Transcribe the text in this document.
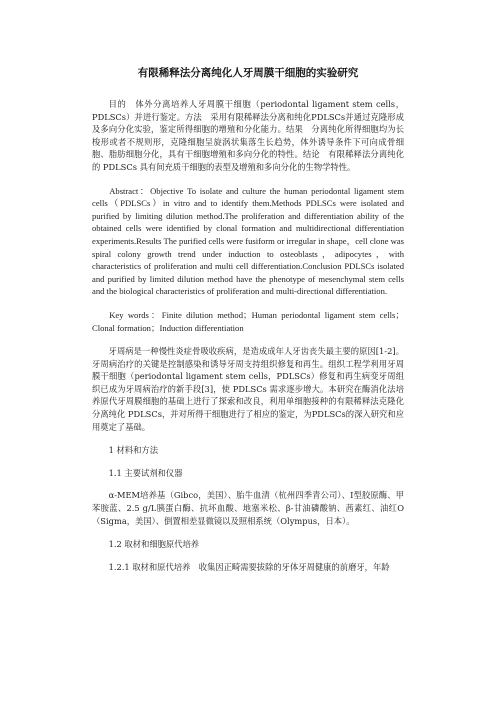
有限稀释法分离纯化人牙周膜干细胞的实验研究

目的　体外分离培养人牙周膜干细胞（periodontal ligament stem cells，PDLSCs）并进行鉴定。方法　采用有限稀释法分离和纯化PDLSCs并通过克隆形成及多向分化实验，鉴定所得细胞的增殖和分化能力。结果　分离纯化所得细胞均为长梭形或者不规则形，克隆细胞呈旋涡状集落生长趋势，体外诱导条件下可向成骨细胞、脂肪细胞分化，具有干细胞增殖和多向分化的特性。结论　有限稀释法分离纯化的 PDLSCs 具有间充质干细胞的表型及增殖和多向分化的生物学特性。

Abstract：Objective To isolate and culture the human periodontal ligament stem cells（PDLSCs）in vitro and to identify them.Methods PDLSCs were isolated and purified by limiting dilution method.The proliferation and differentiation ability of the obtained cells were identified by clonal formation and multidirectional differentiation experiments.Results The purified cells were fusiform or irregular in shape，cell clone was spiral colony growth trend under induction to osteoblasts，adipocytes，with characteristics of proliferation and multi cell differentiation.Conclusion PDLSCs isolated and purified by limited dilution method have the phenotype of mesenchymal stem cells and the biological characteristics of proliferation and multi-directional differentiation.

Key words：Finite dilution method；Human periodontal ligament stem cells；Clonal formation；Induction differentiation

牙周病是一种慢性炎症骨吸收疾病，是造成成年人牙齿丧失最主要的原因[1-2]。牙周病治疗的关键是控制感染和诱导牙周支持组织修复和再生。组织工程学利用牙周膜干细胞（periodontal ligament stem cells，PDLSCs）修复和再生病变牙周组织已成为牙周病治疗的新手段[3]，使 PDLSCs 需求逐步增大。本研究在酶消化法培养原代牙周膜细胞的基础上进行了探索和改良，利用单细胞接种的有限稀释法克隆化分离纯化 PDLSCs，并对所得干细胞进行了相应的鉴定，为PDLSCs的深入研究和应用奠定了基础。

1 材料和方法
1.1 主要试剂和仪器

α-MEM培养基（Gibco，美国）、胎牛血清（杭州四季青公司）、Ⅰ型胶原酶、甲苯胺蓝、2.5 g/L胰蛋白酶、抗坏血酸、地塞米松、β-甘油磷酸钠、茜素红、油红O（Sigma，美国）、倒置相差显微镜以及照相系统（Olympus，日本）。

1.2 取材和细胞原代培养

1.2.1 取材和原代培养　收集因正畸需要拔除的牙体牙周健康的前磨牙，年龄
